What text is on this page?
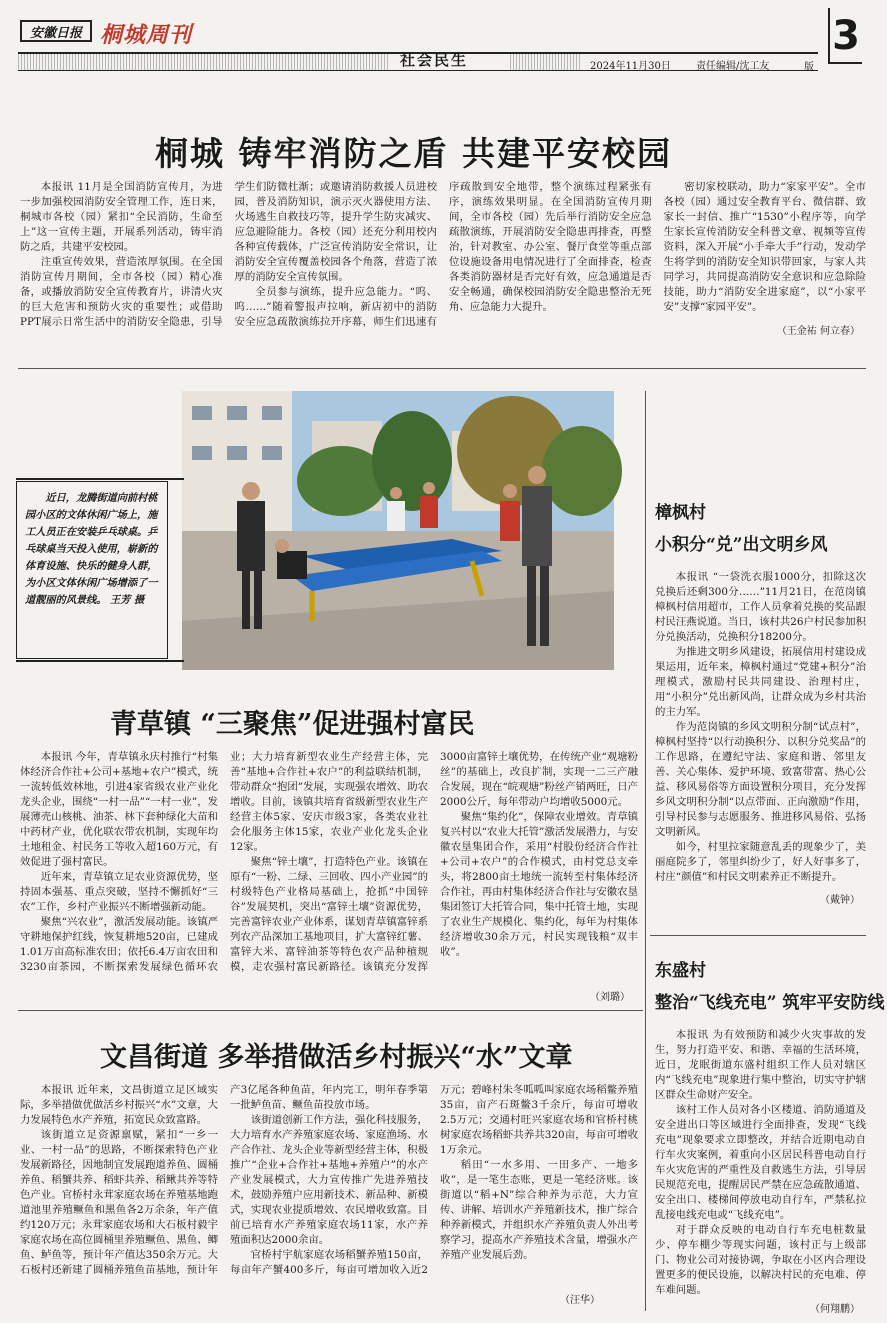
安徽日报 桐城周刊
社会民生	2024年11月30日	责任编辑/沈工友
3
版
桐城 铸牢消防之盾 共建平安校园

本报讯 11月是全国消防宣传月，为进一步加强校园消防安全管理工作，连日来，桐城市各校（园）紧扣“全民消防，生命至上”这一宣传主题，开展系列活动，铸牢消防之盾，共建平安校园。

注重宣传效果，营造浓厚氛围。在全国消防宣传月期间，全市各校（园）精心准备，或播放消防安全宣传教育片，讲清火灾的巨大危害和预防火灾的重要性；或借助PPT展示日常生活中的消防安全隐患，引导学生们防微杜渐；或邀请消防救援人员进校园，普及消防知识，演示灭火器使用方法、火场逃生自救技巧等，提升学生防灾减灾、应急避险能力。各校（园）还充分利用校内各种宣传载体，广泛宣传消防安全常识，让消防安全宣传覆盖校园各个角落，营造了浓厚的消防安全宣传氛围。

全员参与演练，提升应急能力。“呜、呜……”随着警报声拉响，新店初中的消防安全应急疏散演练拉开序幕，师生们迅速有序疏散到安全地带，整个演练过程紧张有序，演练效果明显。在全国消防宣传月期间，全市各校（园）先后举行消防安全应急疏散演练，开展消防安全隐患再排查，再整治，针对教室、办公室、餐厅食堂等重点部位设施设备用电情况进行了全面排查，检查各类消防器材是否完好有效，应急通道是否安全畅通，确保校园消防安全隐患整治无死角、应急能力大提升。

密切家校联动，助力“家家平安”。全市各校（园）通过安全教育平台、微信群、致家长一封信、推广“1530”小程序等，向学生家长宣传消防安全科普文章、视频等宣传资料，深入开展“小手牵大手”行动，发动学生将学到的消防安全知识带回家，与家人共同学习，共同提高消防安全意识和应急除险技能，助力“消防安全进家庭”，以“小家平安”支撑“家园平安”。

（王金祐 何立春）
近日，龙腾街道向前村桃园小区的文体休闲广场上，施工人员正在安装乒乓球桌。乒乓球桌当天投入使用，崭新的体育设施、快乐的健身人群，为小区文体休闲广场增添了一道靓丽的风景线。 王芳 摄
樟枫村
小积分“兑”出文明乡风

本报讯 “一袋洗衣服1000分，扣除这次兑换后还剩300分……”11月21日，在范岗镇樟枫村信用超市，工作人员拿着兑换的奖品跟村民汪燕说道。当日，该村共26户村民参加积分兑换活动，兑换积分18200分。

为推进文明乡风建设，拓展信用村建设成果运用，近年来，樟枫村通过“党建+积分”治理模式，激励村民共同建设、治理村庄，用“小积分”兑出新风尚，让群众成为乡村共治的主力军。

作为范岗镇的乡风文明积分制“试点村”，樟枫村坚持“以行动换积分、以积分兑奖品”的工作思路，在遵纪守法、家庭和谐、邻里友善、关心集体、爱护环境、致富带富、热心公益、移风易俗等方面设置积分项目，充分发挥乡风文明积分制“以点带面、正向激励”作用，引导村民参与志愿服务、推进移风易俗、弘扬文明新风。

如今，村里拉家随意乱丢的现象少了，美丽庭院多了，邻里纠纷少了，好人好事多了，村庄“颜值”和村民文明素养正不断提升。

（戴钟）
青草镇 “三聚焦”促进强村富民

本报讯 今年，青草镇永庆村推行“村集体经济合作社+公司+基地+农户”模式，统一流转低效林地，引进4家省级农业产业化龙头企业，围绕“一村一品”“一村一业”，发展薄壳山核桃、油茶、林下套种绿化大苗和中药材产业，优化联农带农机制，实现年均土地租金、村民务工等收入超160万元，有效促进了强村富民。

近年来，青草镇立足农业资源优势，坚持固本强基、重点突破，坚持不懈抓好“三农”工作，乡村产业振兴不断增强新动能。

聚焦“兴农业”，激活发展动能。该镇严守耕地保护红线，恢复耕地520亩，已建成1.01万亩高标准农田；依托6.4万亩农田和3230亩茶园，不断探索发展绿色循环农业；大力培育新型农业生产经营主体，完善“基地+合作社+农户”的利益联结机制，带动群众“抱团”发展，实现强农增效、助农增收。目前，该镇共培育省级新型农业生产经营主体5家、安庆市级3家，各类农业社会化服务主体15家，农业产业化龙头企业12家。

聚焦“锌土壤”，打造特色产业。该镇在原有“一粉、二绿、三回收、四小产业园”的村级特色产业格局基础上，抢抓“中国锌谷”发展契机，突出“富锌土壤”资源优势，完善富锌农业产业体系，谋划青草镇富锌系列农产品深加工基地项目，扩大富锌红薯、富锌大米、富锌油茶等特色农产品种植规模，走农强村富民新路径。该镇充分发挥3000亩富锌土壤优势，在传统产业“观塘粉丝”的基础上，改良扩制，实现一二三产融合发展，现在“皖观塘”粉丝产销两旺，日产2000公斤，每年带动户均增收5000元。

聚焦“集约化”，保障农业增效。青草镇复兴村以“农业大托管”激活发展潜力，与安徽农垦集团合作，采用“村股份经济合作社+公司+农户”的合作模式，由村党总支牵头，将2800亩土地统一流转至村集体经济合作社，再由村集体经济合作社与安徽农垦集团签订大托管合同，集中托管土地，实现了农业生产规模化、集约化，每年为村集体经济增收30余万元，村民实现钱粮“双丰收”。

（刘璐）
东盛村
整治“飞线充电” 筑牢平安防线

本报讯 为有效预防和减少火灾事故的发生，努力打造平安、和谐、幸福的生活环境，近日，龙眠街道东盛村组织工作人员对辖区内“飞线充电”现象进行集中整治，切实守护辖区群众生命财产安全。

该村工作人员对各小区楼道、消防通道及安全进出口等区域进行全面排查，发现“飞线充电”现象要求立即整改，并结合近期电动自行车火灾案例，着重向小区居民科普电动自行车火灾危害的严重性及自救逃生方法，引导居民规范充电，提醒居民严禁在应急疏散通道、安全出口、楼梯间停放电动自行车，严禁私拉乱接电线充电或“飞线充电”。

对于群众反映的电动自行车充电桩数量少、停车棚少等现实问题，该村正与上级部门、物业公司对接协调，争取在小区内合理设置更多的便民设施，以解决村民的充电难、停车难问题。

（何翔鹏）
文昌街道 多举措做活乡村振兴“水”文章

本报讯 近年来，文昌街道立足区域实际，多举措做优做活乡村振兴“水”文章，大力发展特色水产养殖，拓宽民众致富路。

该街道立足资源禀赋，紧扣“一乡一业、一村一品”的思路，不断探索特色产业发展新路径，因地制宜发展跑道养鱼、圆桶养鱼、稻蟹共养、稻虾共养、稻鳅共养等特色产业。官桥村永茸家庭农场在养殖基地跑道池里养殖鳜鱼和黑鱼各2万余条，年产值约120万元；永茸家庭农场和大石板村毅宇家庭农场在高位圆桶里养殖鳜鱼、黑鱼、鲫鱼、鲈鱼等，预计年产值达350余万元。大石板村还新建了圆桶养殖鱼苗基地，预计年产3亿尾各种鱼苗，年内完工，明年春季第一批鲈鱼苗、鳜鱼苗投放市场。

该街道创新工作方法，强化科技服务，大力培育水产养殖家庭农场、家庭渔场、水产合作社、龙头企业等新型经营主体，积极推广“企业+合作社+基地+养殖户”的水产产业发展模式，大力宣传推广先进养殖技术，鼓励养殖户应用新技术、新品种、新模式，实现农业提质增效、农民增收致富。目前已培育水产养殖家庭农场11家，水产养殖面积达2000余亩。

官桥村宇航家庭农场稻蟹养殖150亩，每亩年产蟹400多斤，每亩可增加收入近2万元；碧峰村朱冬呱呱叫家庭农场稻鳖养殖35亩，亩产石斑鳖3千余斤，每亩可增收2.5万元；交通村旺兴家庭农场和官桥村桃树家庭农场稻虾共养共320亩，每亩可增收1万余元。

稻田“一水多用、一田多产、一地多收”，是一笔生态账，更是一笔经济账。该街道以“稻+N”综合种养为示范，大力宣传、讲解、培训水产养殖新技术，推广综合种养新模式，并组织水产养殖负责人外出考察学习，提高水产养殖技术含量，增强水产养殖产业发展后劲。

（汪华）
